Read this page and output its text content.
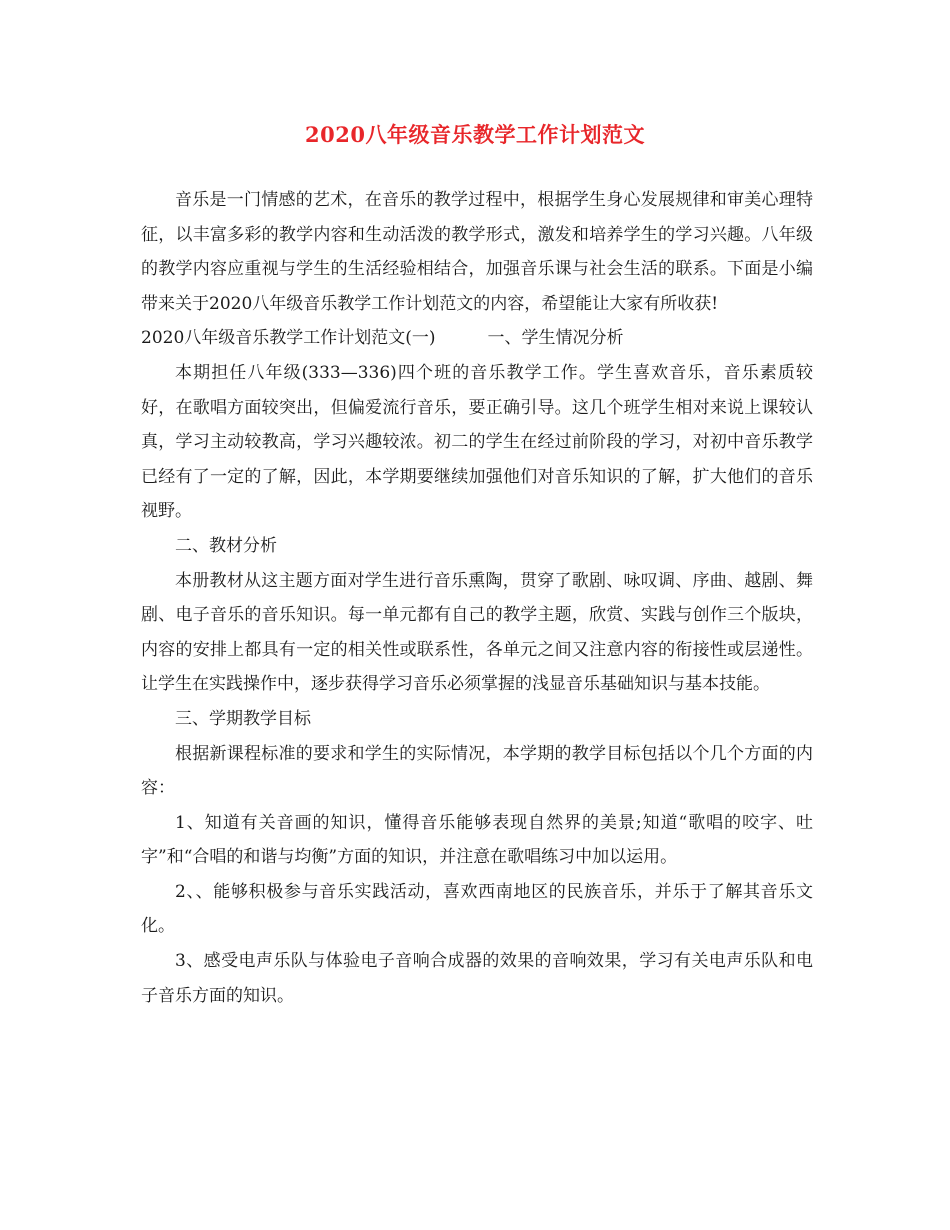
2020八年级音乐教学工作计划范文

音乐是一门情感的艺术，在音乐的教学过程中，根据学生身心发展规律和审美心理特征，以丰富多彩的教学内容和生动活泼的教学形式，激发和培养学生的学习兴趣。八年级的教学内容应重视与学生的生活经验相结合，加强音乐课与社会生活的联系。下面是小编带来关于2020八年级音乐教学工作计划范文的内容，希望能让大家有所收获!

2020八年级音乐教学工作计划范文(一)	一、学生情况分析

本期担任八年级(333—336)四个班的音乐教学工作。学生喜欢音乐，音乐素质较好，在歌唱方面较突出，但偏爱流行音乐，要正确引导。这几个班学生相对来说上课较认真，学习主动较教高，学习兴趣较浓。初二的学生在经过前阶段的学习，对初中音乐教学已经有了一定的了解，因此，本学期要继续加强他们对音乐知识的了解，扩大他们的音乐视野。

二、教材分析

本册教材从这主题方面对学生进行音乐熏陶，贯穿了歌剧、咏叹调、序曲、越剧、舞剧、电子音乐的音乐知识。每一单元都有自己的教学主题，欣赏、实践与创作三个版块，内容的安排上都具有一定的相关性或联系性，各单元之间又注意内容的衔接性或层递性。让学生在实践操作中，逐步获得学习音乐必须掌握的浅显音乐基础知识与基本技能。

三、学期教学目标

根据新课程标准的要求和学生的实际情况，本学期的教学目标包括以个几个方面的内容：

1、知道有关音画的知识，懂得音乐能够表现自然界的美景;知道“歌唱的咬字、吐字”和“合唱的和谐与均衡”方面的知识，并注意在歌唱练习中加以运用。

2、、能够积极参与音乐实践活动，喜欢西南地区的民族音乐，并乐于了解其音乐文化。

3、感受电声乐队与体验电子音响合成器的效果的音响效果，学习有关电声乐队和电子音乐方面的知识。
